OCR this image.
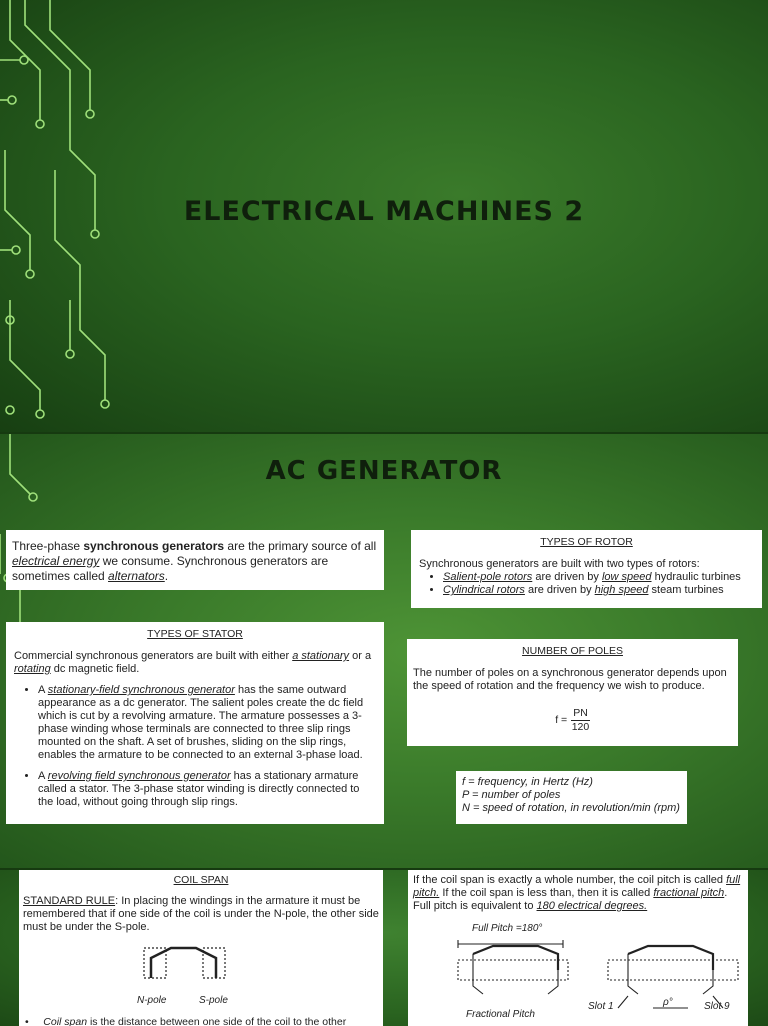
ELECTRICAL MACHINES 2
AC GENERATOR
Three-phase synchronous generators are the primary source of all electrical energy we consume. Synchronous generators are sometimes called alternators.
TYPES OF ROTOR
Synchronous generators are built with two types of rotors:
• Salient-pole rotors are driven by low speed hydraulic turbines
• Cylindrical rotors are driven by high speed steam turbines
TYPES OF STATOR
Commercial synchronous generators are built with either a stationary or a rotating dc magnetic field.
• A stationary-field synchronous generator has the same outward appearance as a dc generator. The salient poles create the dc field which is cut by a revolving armature. The armature possesses a 3-phase winding whose terminals are connected to three slip rings mounted on the shaft. A set of brushes, sliding on the slip rings, enables the armature to be connected to an external 3-phase load.
• A revolving field synchronous generator has a stationary armature called a stator. The 3-phase stator winding is directly connected to the load, without going through slip rings.
NUMBER OF POLES
The number of poles on a synchronous generator depends upon the speed of rotation and the frequency we wish to produce.
$f = \frac{PN}{120}$
f = frequency, in Hertz (Hz)
P = number of poles
N = speed of rotation, in revolution/min (rpm)
COIL SPAN
STANDARD RULE: In placing the windings in the armature it must be remembered that if one side of the coil is under the N-pole, the other side must be under the S-pole.
N-pole	S-pole
•     Coil span is the distance between one side of the coil to the other
If the coil span is exactly a whole number, the coil pitch is called full pitch. If the coil span is less than, then it is called fractional pitch. Full pitch is equivalent to 180 electrical degrees.
Full Pitch =180°
Fractional Pitch
Slot 1	ρ°	Slot 9
